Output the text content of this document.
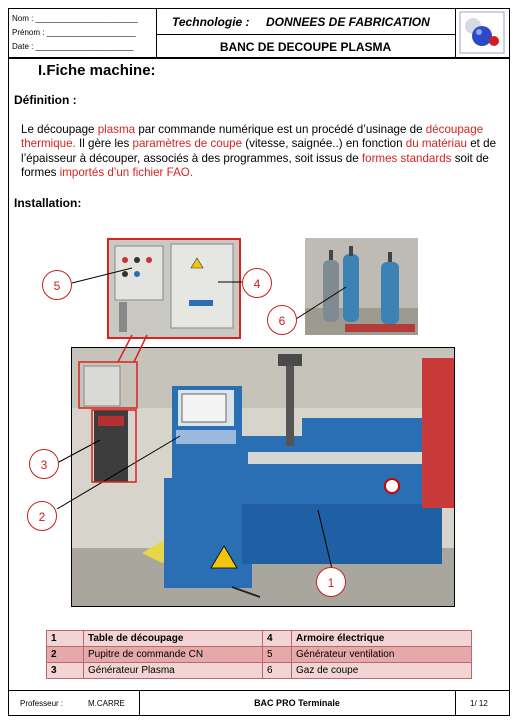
Nom : _______________________
Prénom : ____________________
Date : ______________________
Technologie : DONNEES DE FABRICATION
BANC DE DECOUPE PLASMA
I.Fiche machine:
Définition :
Le découpage plasma par commande numérique est un procédé d’usinage de découpage thermique. Il gère les paramètres de coupe (vitesse, saignée..) en fonction du matériau et de l’épaisseur à découper, associés à des programmes, soit issus de formes standards soit de formes importés d’un fichier FAO.
Installation:
5	4
6
3
2
1
1	Table de découpage	4	Armoire électrique
2	Pupitre de commande CN	5	Générateur ventilation
3	Générateur Plasma	6	Gaz de coupe
Professeur :	M.CARRE	BAC PRO Terminale	1/ 12
